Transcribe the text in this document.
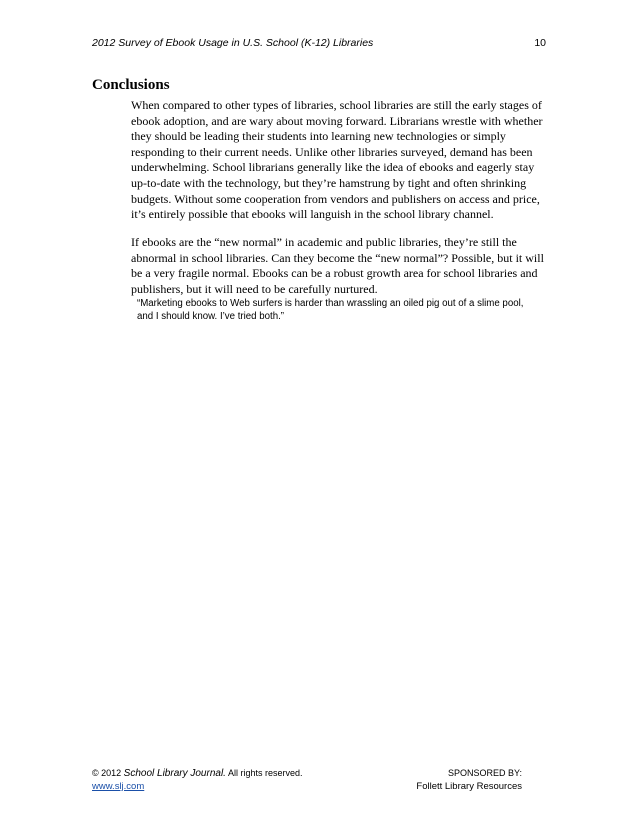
2012 Survey of Ebook Usage in U.S. School (K-12) Libraries	10
Conclusions

When compared to other types of libraries, school libraries are still the early stages of ebook adoption, and are wary about moving forward. Librarians wrestle with whether they should be leading their students into learning new technologies or simply responding to their current needs. Unlike other libraries surveyed, demand has been underwhelming. School librarians generally like the idea of ebooks and eagerly stay up-to-date with the technology, but they’re hamstrung by tight and often shrinking budgets. Without some cooperation from vendors and publishers on access and price, it’s entirely possible that ebooks will languish in the school library channel.

If ebooks are the “new normal” in academic and public libraries, they’re still the abnormal in school libraries. Can they become the “new normal”? Possible, but it will be a very fragile normal. Ebooks can be a robust growth area for school libraries and publishers, but it will need to be carefully nurtured.

“Marketing ebooks to Web surfers is harder than wrassling an oiled pig out of a slime pool, and I should know. I’ve tried both.”

© 2012 School Library Journal. All rights reserved.
www.slj.com
SPONSORED BY:
Follett Library Resources
